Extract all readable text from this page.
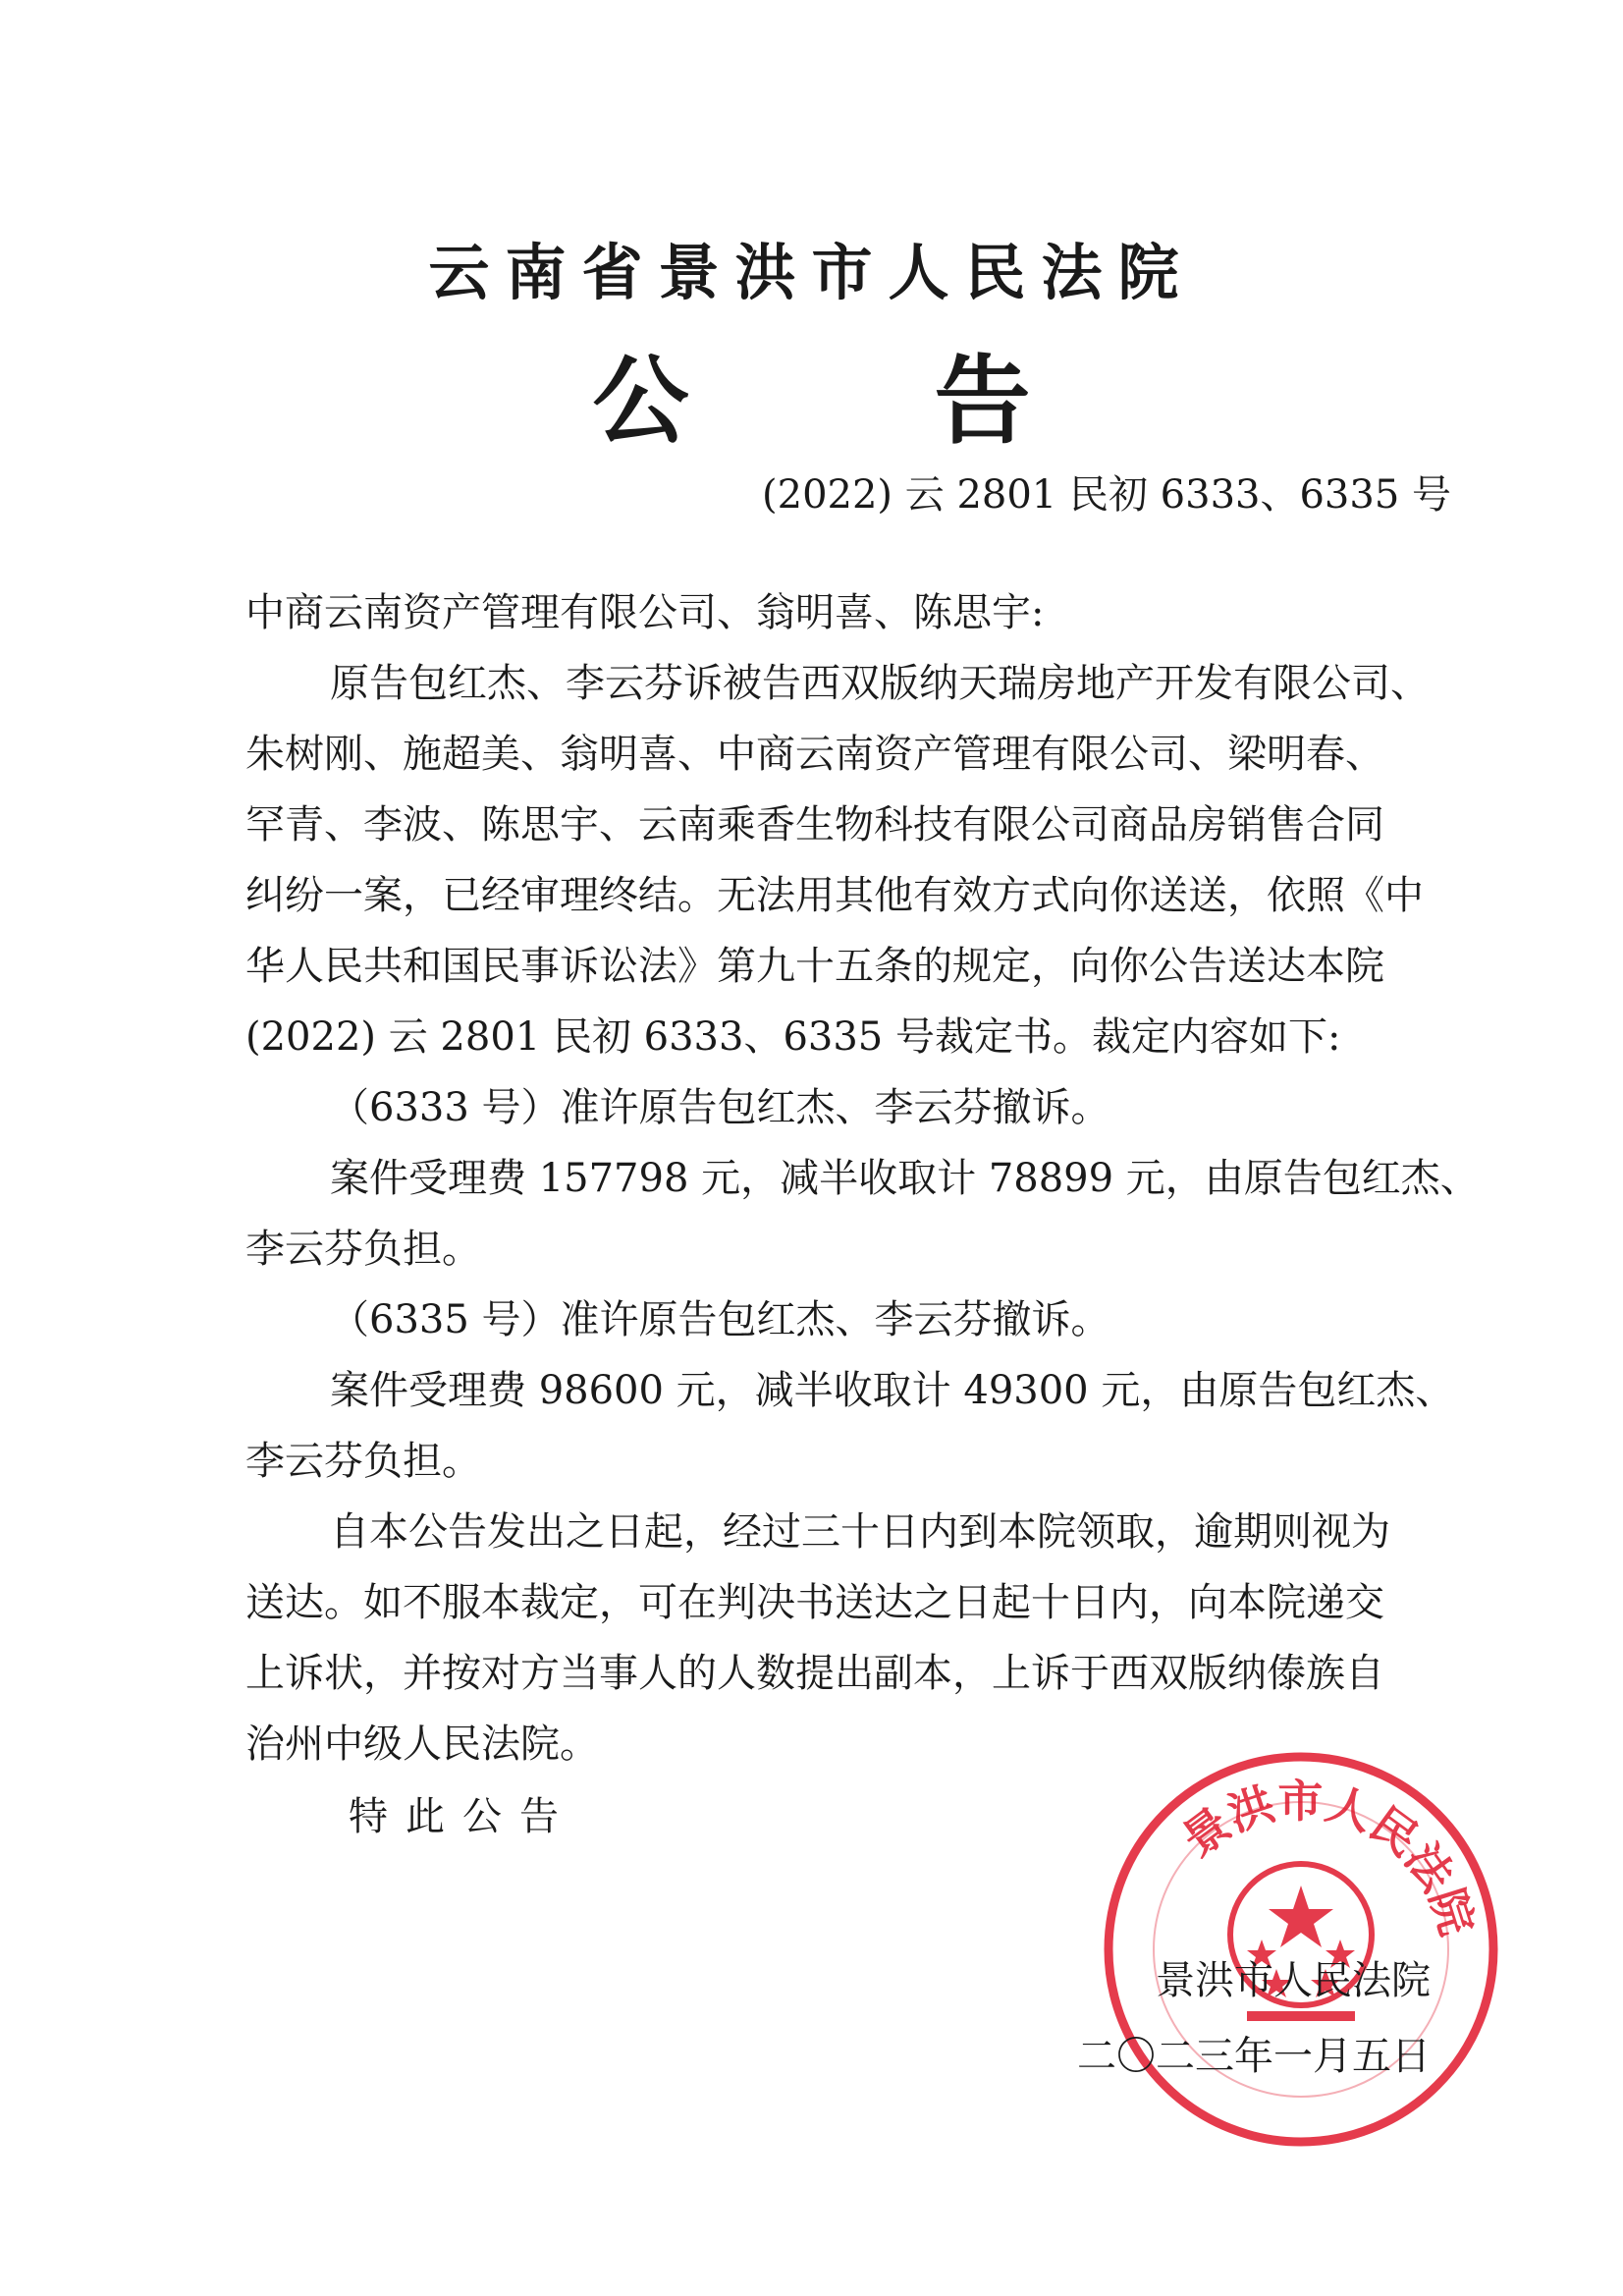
云南省景洪市人民法院
公	告
(2022) 云 2801 民初 6333、6335 号
中商云南资产管理有限公司、翁明喜、陈思宇:
原告包红杰、李云芬诉被告西双版纳天瑞房地产开发有限公司、
朱树刚、施超美、翁明喜、中商云南资产管理有限公司、梁明春、
罕青、李波、陈思宇、云南乘香生物科技有限公司商品房销售合同
纠纷一案，已经审理终结。无法用其他有效方式向你送送，依照《中
华人民共和国民事诉讼法》第九十五条的规定，向你公告送达本院
(2022) 云 2801 民初 6333、6335 号裁定书。裁定内容如下:
（6333 号）准许原告包红杰、李云芬撤诉。
案件受理费 157798 元，减半收取计 78899 元，由原告包红杰、
李云芬负担。
（6335 号）准许原告包红杰、李云芬撤诉。
案件受理费 98600 元，减半收取计 49300 元，由原告包红杰、
李云芬负担。
自本公告发出之日起，经过三十日内到本院领取，逾期则视为
送达。如不服本裁定，可在判决书送达之日起十日内，向本院递交
上诉状，并按对方当事人的人数提出副本，上诉于西双版纳傣族自
治州中级人民法院。
特此公告	景洪市人民法院
景洪市人民法院
二〇二三年一月五日
